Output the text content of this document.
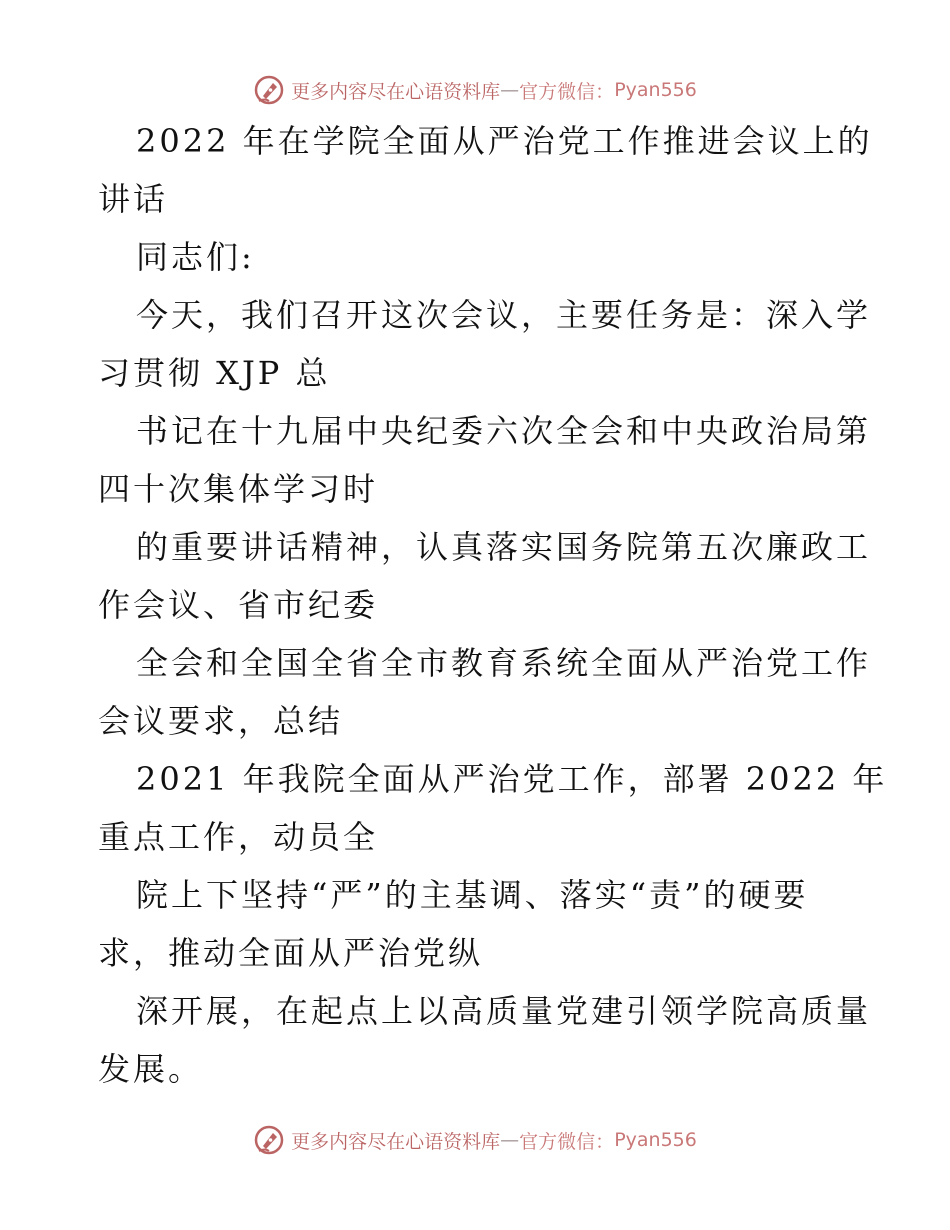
更多内容尽在心语资料库 — 官方微信： Pyan556
2022 年在学院全面从严治党工作推进会议上的
讲话
同志们:
今天，我们召开这次会议，主要任务是：深入学
习贯彻 XJP 总
书记在十九届中央纪委六次全会和中央政治局第
四十次集体学习时
的重要讲话精神，认真落实国务院第五次廉政工
作会议、省市纪委
全会和全国全省全市教育系统全面从严治党工作
会议要求，总结
2021 年我院全面从严治党工作，部署 2022 年
重点工作，动员全
院上下坚持“严”的主基调、落实“责”的硬要
求，推动全面从严治党纵
深开展，在起点上以高质量党建引领学院高质量
发展。
更多内容尽在心语资料库 — 官方微信： Pyan556
